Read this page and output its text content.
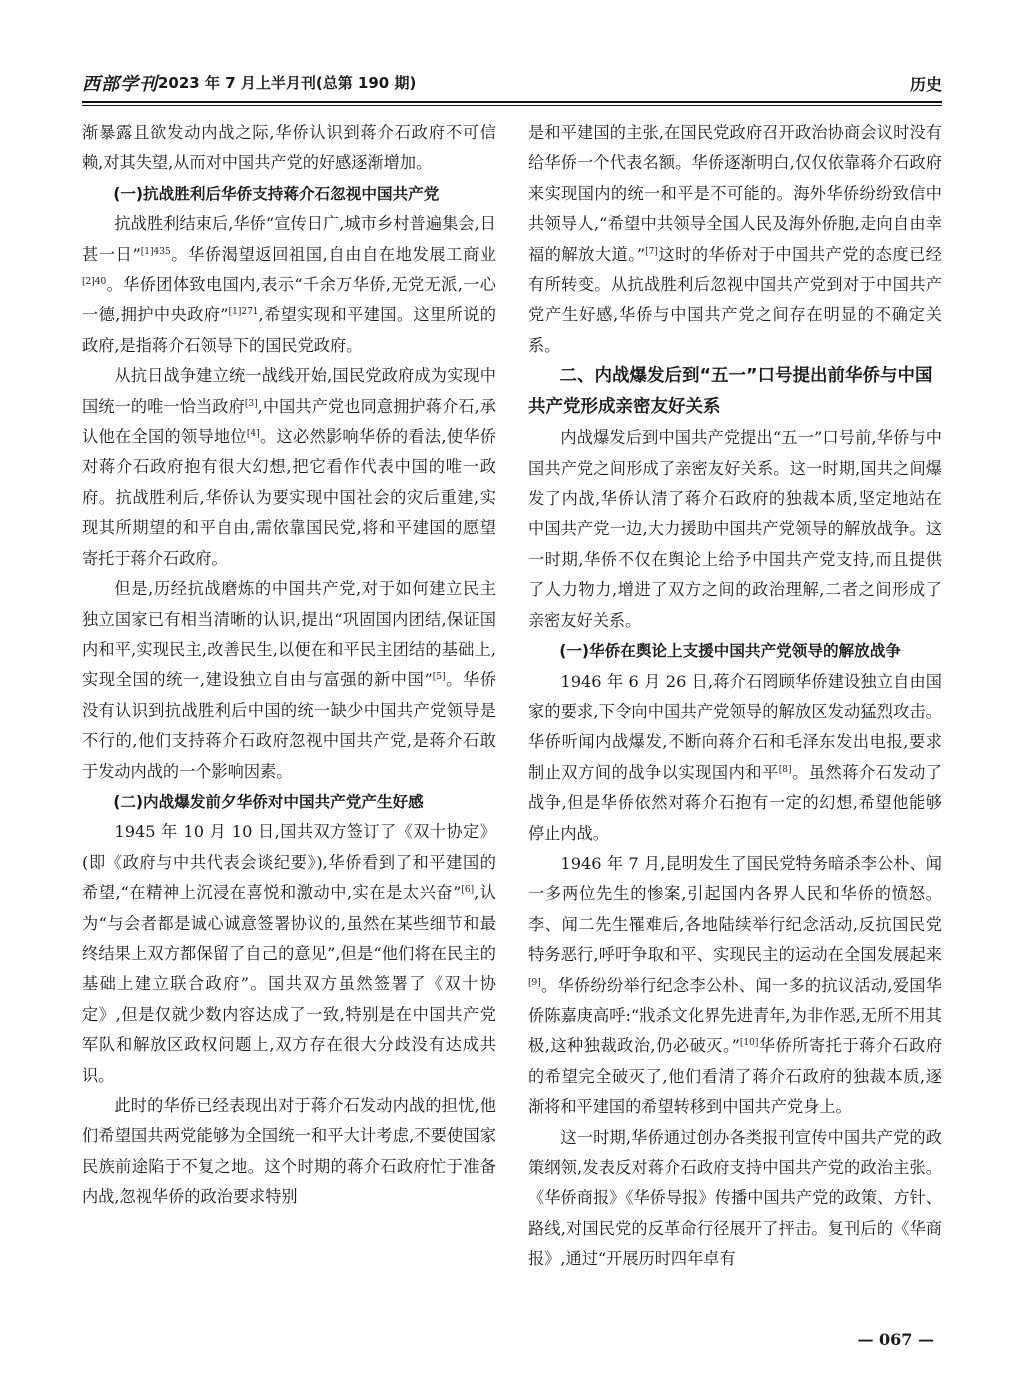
西部学刊 2023 年 7 月上半月刊(总第 190 期)	历史

渐暴露且欲发动内战之际,华侨认识到蒋介石政府不可信赖,对其失望,从而对中国共产党的好感逐渐增加。

(一)抗战胜利后华侨支持蒋介石忽视中国共产党

抗战胜利结束后,华侨“宣传日广,城市乡村普遍集会,日甚一日”$^{[1]435}$。华侨渴望返回祖国,自由自在地发展工商业$^{[2]40}$。华侨团体致电国内,表示“千余万华侨,无党无派,一心一德,拥护中央政府”$^{[1]271}$,希望实现和平建国。这里所说的政府,是指蒋介石领导下的国民党政府。

从抗日战争建立统一战线开始,国民党政府成为实现中国统一的唯一恰当政府[3],中国共产党也同意拥护蒋介石,承认他在全国的领导地位[4]。这必然影响华侨的看法,使华侨对蒋介石政府抱有很大幻想,把它看作代表中国的唯一政府。抗战胜利后,华侨认为要实现中国社会的灾后重建,实现其所期望的和平自由,需依靠国民党,将和平建国的愿望寄托于蒋介石政府。

但是,历经抗战磨炼的中国共产党,对于如何建立民主独立国家已有相当清晰的认识,提出“巩固国内团结,保证国内和平,实现民主,改善民生,以便在和平民主团结的基础上,实现全国的统一,建设独立自由与富强的新中国”[5]。华侨没有认识到抗战胜利后中国的统一缺少中国共产党领导是不行的,他们支持蒋介石政府忽视中国共产党,是蒋介石敢于发动内战的一个影响因素。

(二)内战爆发前夕华侨对中国共产党产生好感

1945 年 10 月 10 日,国共双方签订了《双十协定》(即《政府与中共代表会谈纪要》),华侨看到了和平建国的希望,“在精神上沉浸在喜悦和激动中,实在是太兴奋”[6],认为“与会者都是诚心诚意签署协议的,虽然在某些细节和最终结果上双方都保留了自己的意见”,但是“他们将在民主的基础上建立联合政府”。国共双方虽然签署了《双十协定》,但是仅就少数内容达成了一致,特别是在中国共产党军队和解放区政权问题上,双方存在很大分歧没有达成共识。

此时的华侨已经表现出对于蒋介石发动内战的担忧,他们希望国共两党能够为全国统一和平大计考虑,不要使国家民族前途陷于不复之地。这个时期的蒋介石政府忙于准备内战,忽视华侨的政治要求特别

是和平建国的主张,在国民党政府召开政治协商会议时没有给华侨一个代表名额。华侨逐渐明白,仅仅依靠蒋介石政府来实现国内的统一和平是不可能的。海外华侨纷纷致信中共领导人,“希望中共领导全国人民及海外侨胞,走向自由幸福的解放大道。”[7]这时的华侨对于中国共产党的态度已经有所转变。从抗战胜利后忽视中国共产党到对于中国共产党产生好感,华侨与中国共产党之间存在明显的不确定关系。

二、内战爆发后到“五一”口号提出前华侨与中国共产党形成亲密友好关系

内战爆发后到中国共产党提出“五一”口号前,华侨与中国共产党之间形成了亲密友好关系。这一时期,国共之间爆发了内战,华侨认清了蒋介石政府的独裁本质,坚定地站在中国共产党一边,大力援助中国共产党领导的解放战争。这一时期,华侨不仅在舆论上给予中国共产党支持,而且提供了人力物力,增进了双方之间的政治理解,二者之间形成了亲密友好关系。

(一)华侨在舆论上支援中国共产党领导的解放战争

1946 年 6 月 26 日,蒋介石罔顾华侨建设独立自由国家的要求,下令向中国共产党领导的解放区发动猛烈攻击。华侨听闻内战爆发,不断向蒋介石和毛泽东发出电报,要求制止双方间的战争以实现国内和平[8]。虽然蒋介石发动了战争,但是华侨依然对蒋介石抱有一定的幻想,希望他能够停止内战。

1946 年 7 月,昆明发生了国民党特务暗杀李公朴、闻一多两位先生的惨案,引起国内各界人民和华侨的愤怒。李、闻二先生罹难后,各地陆续举行纪念活动,反抗国民党特务恶行,呼吁争取和平、实现民主的运动在全国发展起来[9]。华侨纷纷举行纪念李公朴、闻一多的抗议活动,爱国华侨陈嘉庚高呼:“戕杀文化界先进青年,为非作恶,无所不用其极,这种独裁政治,仍必破灭。”[10]华侨所寄托于蒋介石政府的希望完全破灭了,他们看清了蒋介石政府的独裁本质,逐渐将和平建国的希望转移到中国共产党身上。

这一时期,华侨通过创办各类报刊宣传中国共产党的政策纲领,发表反对蒋介石政府支持中国共产党的政治主张。《华侨商报》《华侨导报》传播中国共产党的政策、方针、路线,对国民党的反革命行径展开了抨击。复刊后的《华商报》,通过“开展历时四年卓有

— 067 —
